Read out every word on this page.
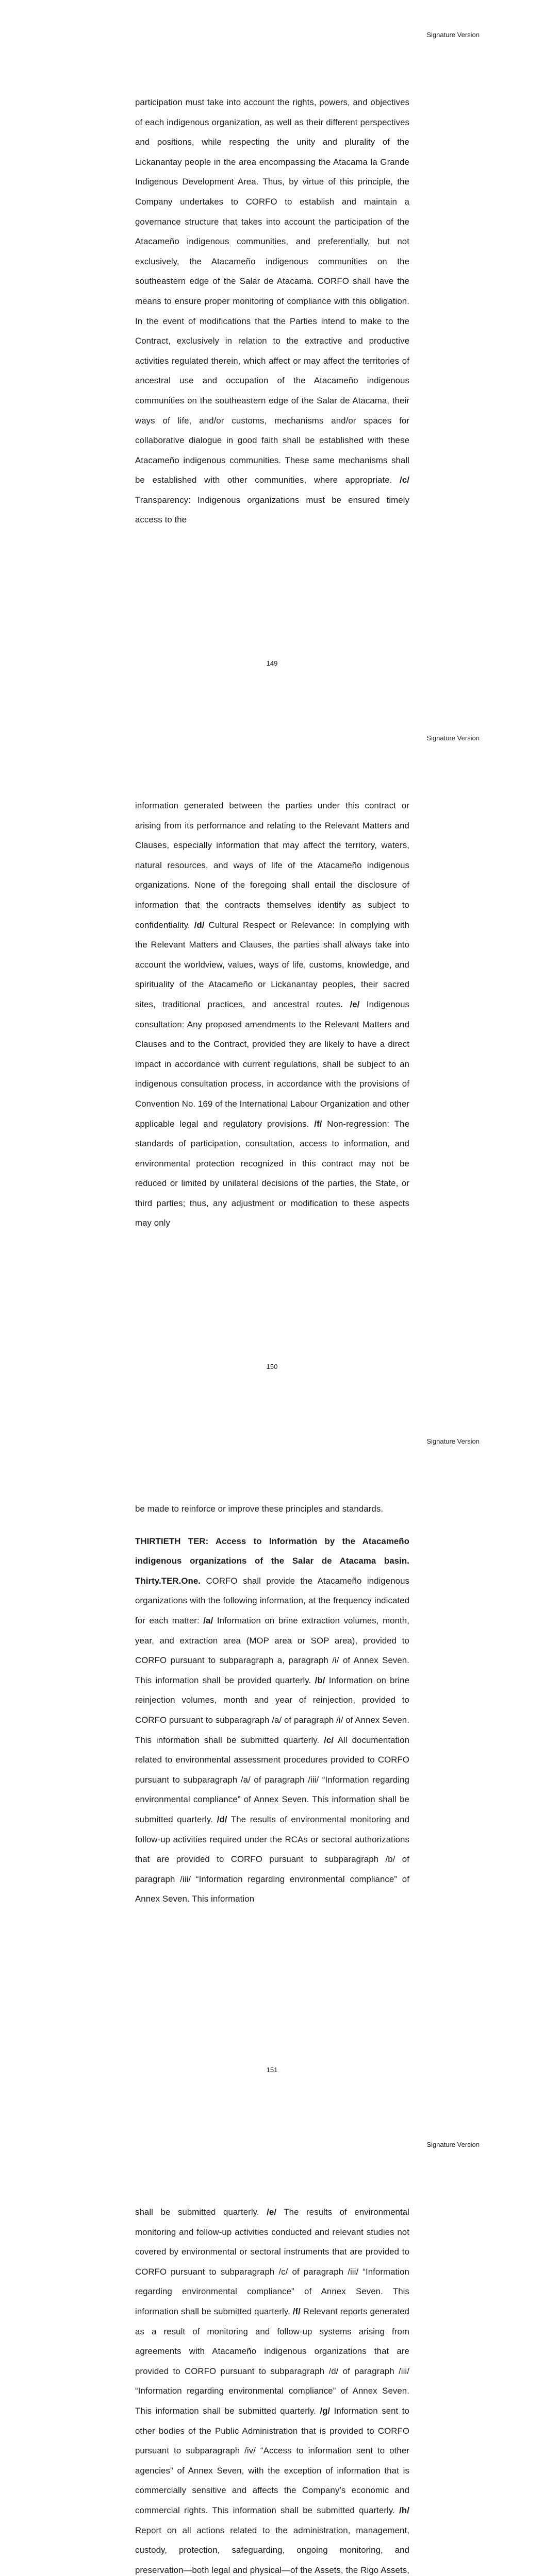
Signature Version

participation must take into account the rights, powers, and objectives of each indigenous organization, as well as their different perspectives and positions, while respecting the unity and plurality of the Lickanantay people in the area encompassing the Atacama la Grande Indigenous Development Area. Thus, by virtue of this principle, the Company undertakes to CORFO to establish and maintain a governance structure that takes into account the participation of the Atacameño indigenous communities, and preferentially, but not exclusively, the Atacameño indigenous communities on the southeastern edge of the Salar de Atacama. CORFO shall have the means to ensure proper monitoring of compliance with this obligation. In the event of modifications that the Parties intend to make to the Contract, exclusively in relation to the extractive and productive activities regulated therein, which affect or may affect the territories of ancestral use and occupation of the Atacameño indigenous communities on the southeastern edge of the Salar de Atacama, their ways of life, and/or customs, mechanisms and/or spaces for collaborative dialogue in good faith shall be established with these Atacameño indigenous communities. These same mechanisms shall be established with other communities, where appropriate. /c/ Transparency: Indigenous organizations must be ensured timely access to the

149
Signature Version

information generated between the parties under this contract or arising from its performance and relating to the Relevant Matters and Clauses, especially information that may affect the territory, waters, natural resources, and ways of life of the Atacameño indigenous organizations. None of the foregoing shall entail the disclosure of information that the contracts themselves identify as subject to confidentiality. /d/ Cultural Respect or Relevance: In complying with the Relevant Matters and Clauses, the parties shall always take into account the worldview, values, ways of life, customs, knowledge, and spirituality of the Atacameño or Lickanantay peoples, their sacred sites, traditional practices, and ancestral routes. /e/ Indigenous consultation: Any proposed amendments to the Relevant Matters and Clauses and to the Contract, provided they are likely to have a direct impact in accordance with current regulations, shall be subject to an indigenous consultation process, in accordance with the provisions of Convention No. 169 of the International Labour Organization and other applicable legal and regulatory provisions. /f/ Non-regression: The standards of participation, consultation, access to information, and environmental protection recognized in this contract may not be reduced or limited by unilateral decisions of the parties, the State, or third parties; thus, any adjustment or modification to these aspects may only

150
Signature Version

be made to reinforce or improve these principles and standards.

THIRTIETH TER: Access to Information by the Atacameño indigenous organizations of the Salar de Atacama basin. Thirty.TER.One. CORFO shall provide the Atacameño indigenous organizations with the following information, at the frequency indicated for each matter: /a/ Information on brine extraction volumes, month, year, and extraction area (MOP area or SOP area), provided to CORFO pursuant to subparagraph a, paragraph /i/ of Annex Seven. This information shall be provided quarterly. /b/ Information on brine reinjection volumes, month and year of reinjection, provided to CORFO pursuant to subparagraph /a/ of paragraph /i/ of Annex Seven. This information shall be submitted quarterly. /c/ All documentation related to environmental assessment procedures provided to CORFO pursuant to subparagraph /a/ of paragraph /iii/ “Information regarding environmental compliance” of Annex Seven. This information shall be submitted quarterly. /d/ The results of environmental monitoring and follow-up activities required under the RCAs or sectoral authorizations that are provided to CORFO pursuant to subparagraph /b/ of paragraph /iii/ “Information regarding environmental compliance” of Annex Seven. This information

151
Signature Version

shall be submitted quarterly. /e/ The results of environmental monitoring and follow-up activities conducted and relevant studies not covered by environmental or sectoral instruments that are provided to CORFO pursuant to subparagraph /c/ of paragraph /iii/ “Information regarding environmental compliance” of Annex Seven. This information shall be submitted quarterly. /f/ Relevant reports generated as a result of monitoring and follow-up systems arising from agreements with Atacameño indigenous organizations that are provided to CORFO pursuant to subparagraph /d/ of paragraph /iii/ “Information regarding environmental compliance” of Annex Seven. This information shall be submitted quarterly. /g/ Information sent to other bodies of the Public Administration that is provided to CORFO pursuant to subparagraph /iv/ “Access to information sent to other agencies” of Annex Seven, with the exception of information that is commercially sensitive and affects the Company’s economic and commercial rights. This information shall be submitted quarterly. /h/ Report on all actions related to the administration, management, custody, protection, safeguarding, ongoing monitoring, and preservation—both legal and physical—of the Assets, the Rigo Assets,
